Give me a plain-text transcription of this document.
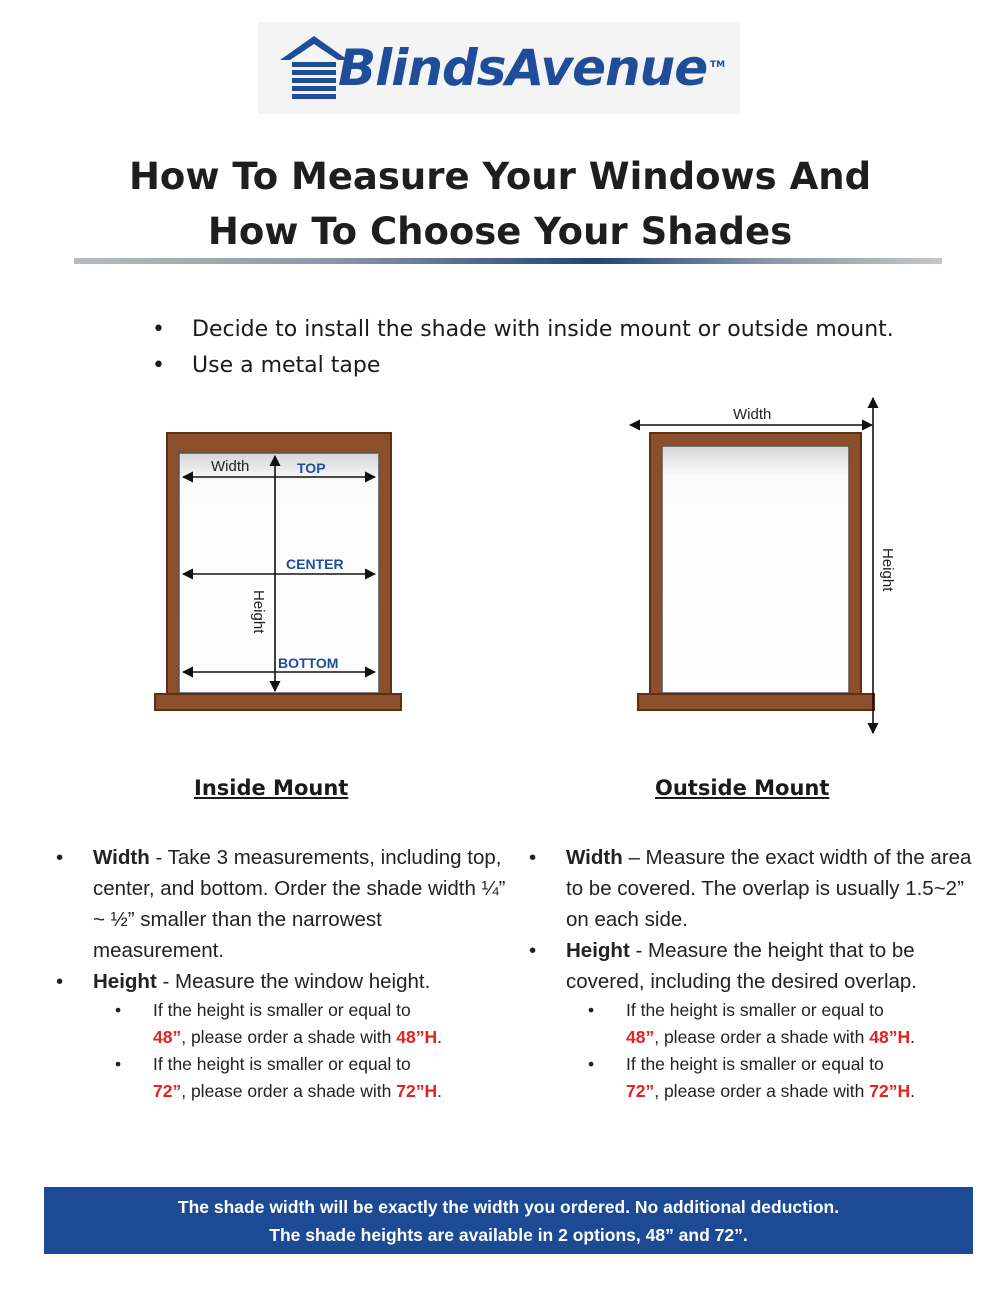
BlindsAvenue TM
How To Measure Your Windows And
How To Choose Your Shades
• Decide to install the shade with inside mount or outside mount.
• Use a metal tape
Width	TOP
CENTER
BOTTOM
Height
Width
Height
Inside Mount	Outside Mount
• Width - Take 3 measurements, including top, center, and bottom. Order the shade width ¼” ~ ½” smaller than the narrowest measurement.
• Height - Measure the window height.
• If the height is smaller or equal to
48”, please order a shade with 48”H.
• If the height is smaller or equal to
72”, please order a shade with 72”H.
• Width – Measure the exact width of the area to be covered. The overlap is usually 1.5~2” on each side.
• Height - Measure the height that to be covered, including the desired overlap.
• If the height is smaller or equal to
48”, please order a shade with 48”H.
• If the height is smaller or equal to
72”, please order a shade with 72”H.
The shade width will be exactly the width you ordered. No additional deduction.
The shade heights are available in 2 options, 48” and 72”.
